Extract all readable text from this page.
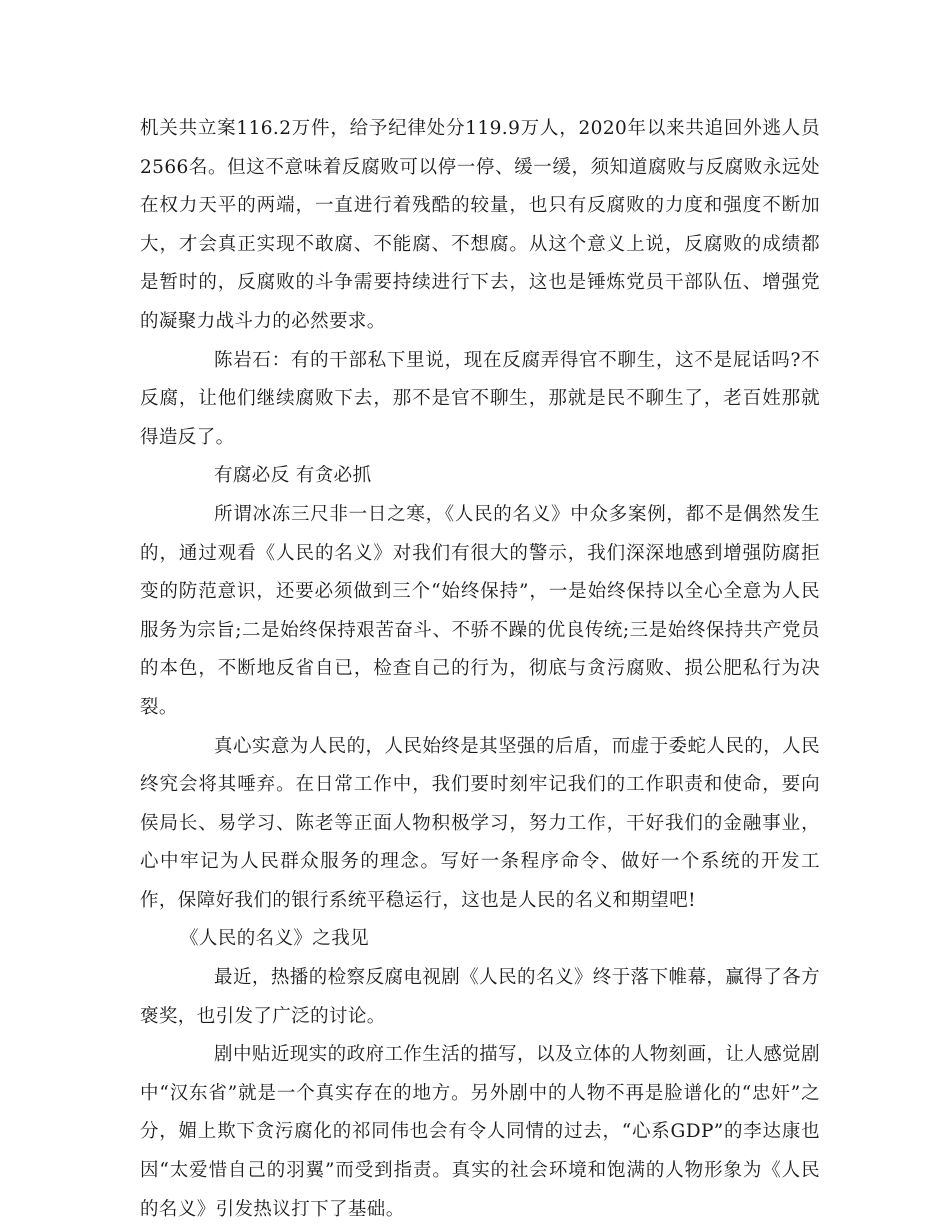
机关共立案116.2万件，给予纪律处分119.9万人，2020年以来共追回外逃人员2566名。但这不意味着反腐败可以停一停、缓一缓，须知道腐败与反腐败永远处在权力天平的两端，一直进行着残酷的较量，也只有反腐败的力度和强度不断加大，才会真正实现不敢腐、不能腐、不想腐。从这个意义上说，反腐败的成绩都是暂时的，反腐败的斗争需要持续进行下去，这也是锤炼党员干部队伍、增强党的凝聚力战斗力的必然要求。

陈岩石：有的干部私下里说，现在反腐弄得官不聊生，这不是屁话吗?不反腐，让他们继续腐败下去，那不是官不聊生，那就是民不聊生了，老百姓那就得造反了。

有腐必反 有贪必抓

所谓冰冻三尺非一日之寒，《人民的名义》中众多案例，都不是偶然发生的，通过观看《人民的名义》对我们有很大的警示，我们深深地感到增强防腐拒变的防范意识，还要必须做到三个“始终保持”，一是始终保持以全心全意为人民服务为宗旨;二是始终保持艰苦奋斗、不骄不躁的优良传统;三是始终保持共产党员的本色，不断地反省自已，检查自己的行为，彻底与贪污腐败、损公肥私行为决裂。

真心实意为人民的，人民始终是其坚强的后盾，而虚于委蛇人民的，人民终究会将其唾弃。在日常工作中，我们要时刻牢记我们的工作职责和使命，要向侯局长、易学习、陈老等正面人物积极学习，努力工作，干好我们的金融事业，心中牢记为人民群众服务的理念。写好一条程序命令、做好一个系统的开发工作，保障好我们的银行系统平稳运行，这也是人民的名义和期望吧!

《人民的名义》之我见

最近，热播的检察反腐电视剧《人民的名义》终于落下帷幕，赢得了各方褒奖，也引发了广泛的讨论。

剧中贴近现实的政府工作生活的描写，以及立体的人物刻画，让人感觉剧中“汉东省”就是一个真实存在的地方。另外剧中的人物不再是脸谱化的“忠奸”之分，媚上欺下贪污腐化的祁同伟也会有令人同情的过去，“心系GDP”的李达康也因“太爱惜自己的羽翼”而受到指责。真实的社会环境和饱满的人物形象为《人民的名义》引发热议打下了基础。
